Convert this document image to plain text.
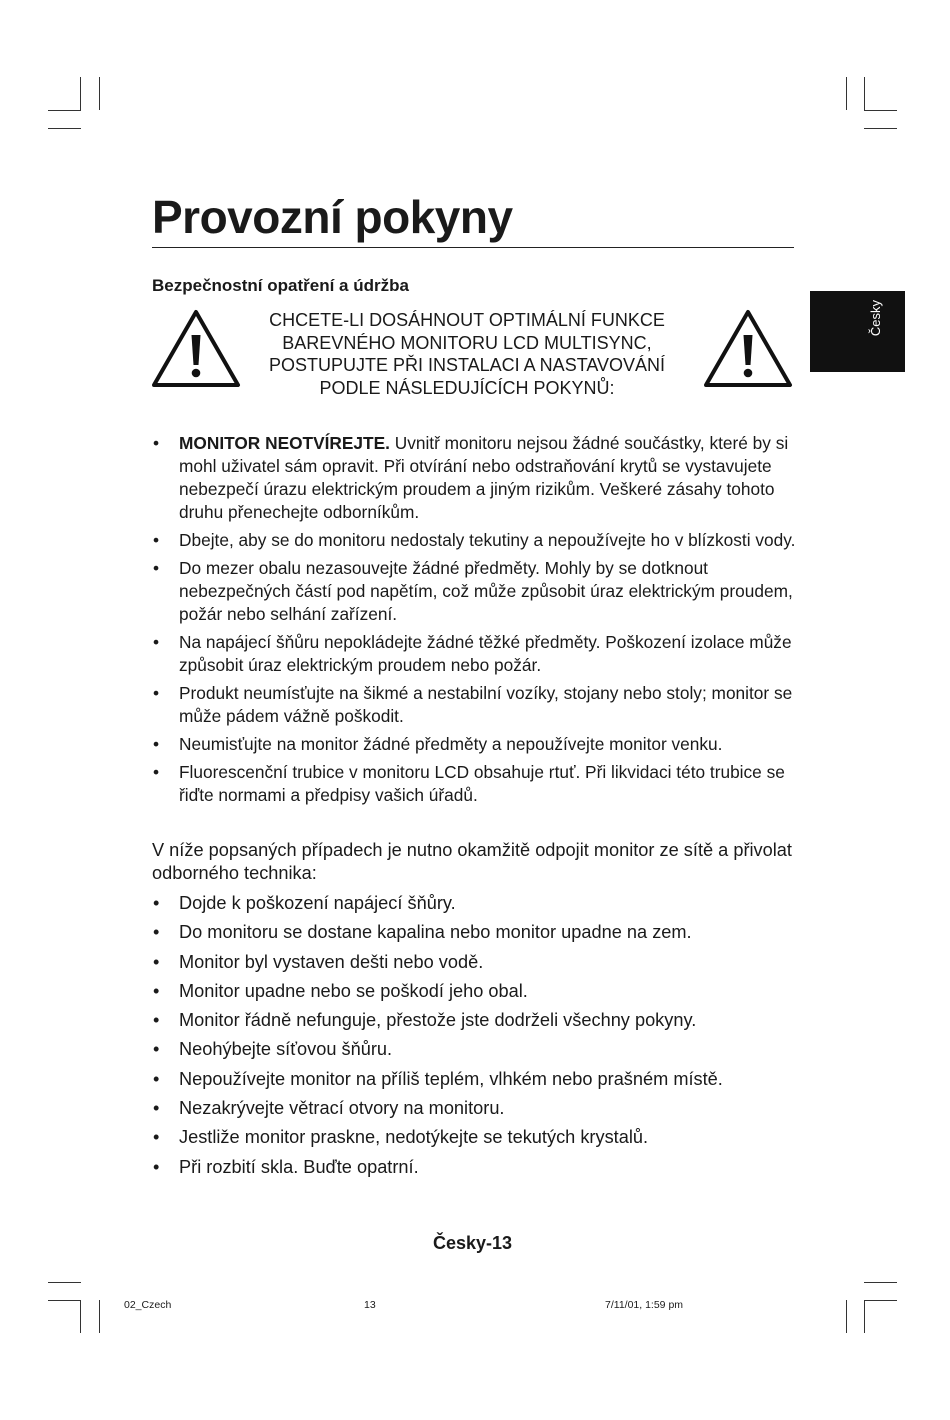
Provozní pokyny
Bezpečnostní opatření a údržba
Česky
CHCETE-LI DOSÁHNOUT OPTIMÁLNÍ FUNKCE
BAREVNÉHO MONITORU LCD MULTISYNC,
POSTUPUJTE PŘI INSTALACI A NASTAVOVÁNÍ
PODLE NÁSLEDUJÍCÍCH POKYNŮ:
• MONITOR NEOTVÍREJTE. Uvnitř monitoru nejsou žádné součástky, které by si mohl uživatel sám opravit. Při otvírání nebo odstraňování krytů se vystavujete nebezpečí úrazu elektrickým proudem a jiným rizikům. Veškeré zásahy tohoto druhu přenechejte odborníkům.
• Dbejte, aby se do monitoru nedostaly tekutiny a nepoužívejte ho v blízkosti vody.
• Do mezer obalu nezasouvejte žádné předměty. Mohly by se dotknout nebezpečných částí pod napětím, což může způsobit úraz elektrickým proudem, požár nebo selhání zařízení.
• Na napájecí šňůru nepokládejte žádné těžké předměty. Poškození izolace může způsobit úraz elektrickým proudem nebo požár.
• Produkt neumísťujte na šikmé a nestabilní vozíky, stojany nebo stoly; monitor se může pádem vážně poškodit.
• Neumisťujte na monitor žádné předměty a nepoužívejte monitor venku.
• Fluorescenční trubice v monitoru LCD obsahuje rtuť. Při likvidaci této trubice se řiďte normami a předpisy vašich úřadů.

V níže popsaných případech je nutno okamžitě odpojit monitor ze sítě a přivolat odborného technika:

• Dojde k poškození napájecí šňůry.
• Do monitoru se dostane kapalina nebo monitor upadne na zem.
• Monitor byl vystaven dešti nebo vodě.
• Monitor upadne nebo se poškodí jeho obal.
• Monitor řádně nefunguje, přestože jste dodrželi všechny pokyny.
• Neohýbejte síťovou šňůru.
• Nepoužívejte monitor na příliš teplém, vlhkém nebo prašném místě.
• Nezakrývejte větrací otvory na monitoru.
• Jestliže monitor praskne, nedotýkejte se tekutých krystalů.
• Při rozbití skla. Buďte opatrní.
Česky-13
02_Czech	13	7/11/01, 1:59 pm
